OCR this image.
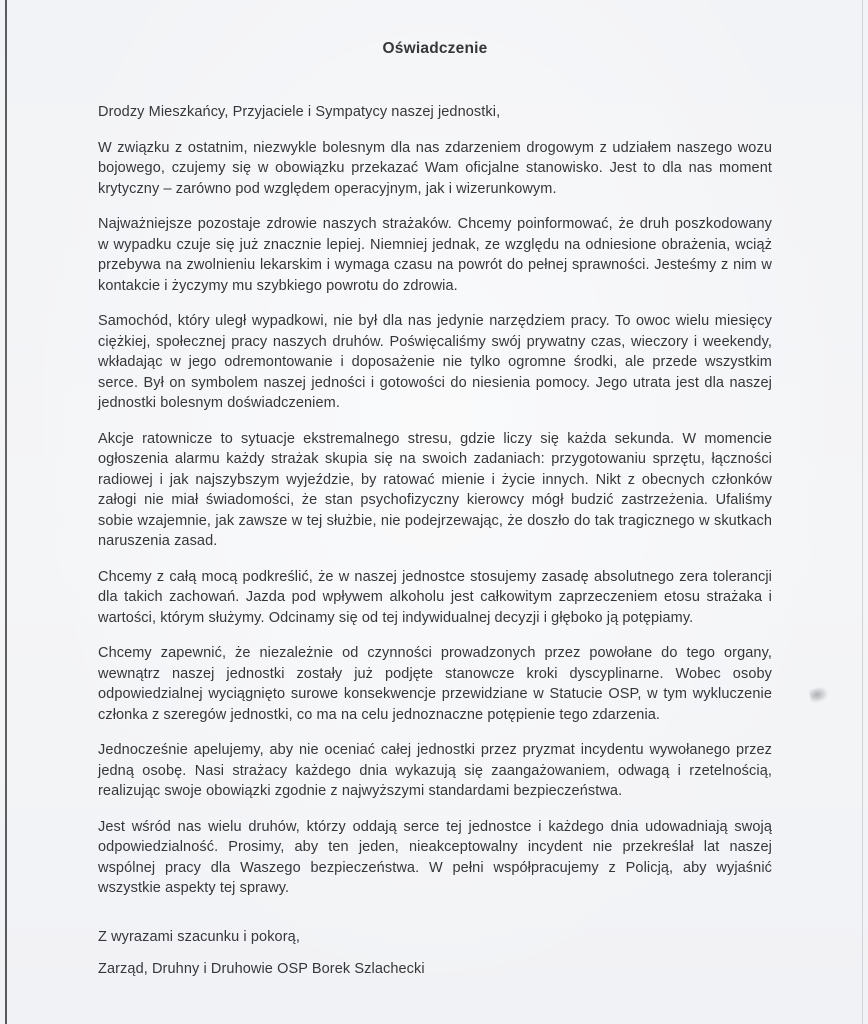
Oświadczenie

Drodzy Mieszkańcy, Przyjaciele i Sympatycy naszej jednostki,

W związku z ostatnim, niezwykle bolesnym dla nas zdarzeniem drogowym z udziałem naszego wozu bojowego, czujemy się w obowiązku przekazać Wam oficjalne stanowisko. Jest to dla nas moment krytyczny – zarówno pod względem operacyjnym, jak i wizerunkowym.

Najważniejsze pozostaje zdrowie naszych strażaków. Chcemy poinformować, że druh poszkodowany w wypadku czuje się już znacznie lepiej. Niemniej jednak, ze względu na odniesione obrażenia, wciąż przebywa na zwolnieniu lekarskim i wymaga czasu na powrót do pełnej sprawności. Jesteśmy z nim w kontakcie i życzymy mu szybkiego powrotu do zdrowia.

Samochód, który uległ wypadkowi, nie był dla nas jedynie narzędziem pracy. To owoc wielu miesięcy ciężkiej, społecznej pracy naszych druhów. Poświęcaliśmy swój prywatny czas, wieczory i weekendy, wkładając w jego odremontowanie i doposażenie nie tylko ogromne środki, ale przede wszystkim serce. Był on symbolem naszej jedności i gotowości do niesienia pomocy. Jego utrata jest dla naszej jednostki bolesnym doświadczeniem.

Akcje ratownicze to sytuacje ekstremalnego stresu, gdzie liczy się każda sekunda. W momencie ogłoszenia alarmu każdy strażak skupia się na swoich zadaniach: przygotowaniu sprzętu, łączności radiowej i jak najszybszym wyjeździe, by ratować mienie i życie innych. Nikt z obecnych członków załogi nie miał świadomości, że stan psychofizyczny kierowcy mógł budzić zastrzeżenia. Ufaliśmy sobie wzajemnie, jak zawsze w tej służbie, nie podejrzewając, że doszło do tak tragicznego w skutkach naruszenia zasad.

Chcemy z całą mocą podkreślić, że w naszej jednostce stosujemy zasadę absolutnego zera tolerancji dla takich zachowań. Jazda pod wpływem alkoholu jest całkowitym zaprzeczeniem etosu strażaka i wartości, którym służymy. Odcinamy się od tej indywidualnej decyzji i głęboko ją potępiamy.

Chcemy zapewnić, że niezależnie od czynności prowadzonych przez powołane do tego organy, wewnątrz naszej jednostki zostały już podjęte stanowcze kroki dyscyplinarne. Wobec osoby odpowiedzialnej wyciągnięto surowe konsekwencje przewidziane w Statucie OSP, w tym wykluczenie członka z szeregów jednostki, co ma na celu jednoznaczne potępienie tego zdarzenia.

Jednocześnie apelujemy, aby nie oceniać całej jednostki przez pryzmat incydentu wywołanego przez jedną osobę. Nasi strażacy każdego dnia wykazują się zaangażowaniem, odwagą i rzetelnością, realizując swoje obowiązki zgodnie z najwyższymi standardami bezpieczeństwa.

Jest wśród nas wielu druhów, którzy oddają serce tej jednostce i każdego dnia udowadniają swoją odpowiedzialność. Prosimy, aby ten jeden, nieakceptowalny incydent nie przekreślał lat naszej wspólnej pracy dla Waszego bezpieczeństwa. W pełni współpracujemy z Policją, aby wyjaśnić wszystkie aspekty tej sprawy.

Z wyrazami szacunku i pokorą,

Zarząd, Druhny i Druhowie OSP Borek Szlachecki
